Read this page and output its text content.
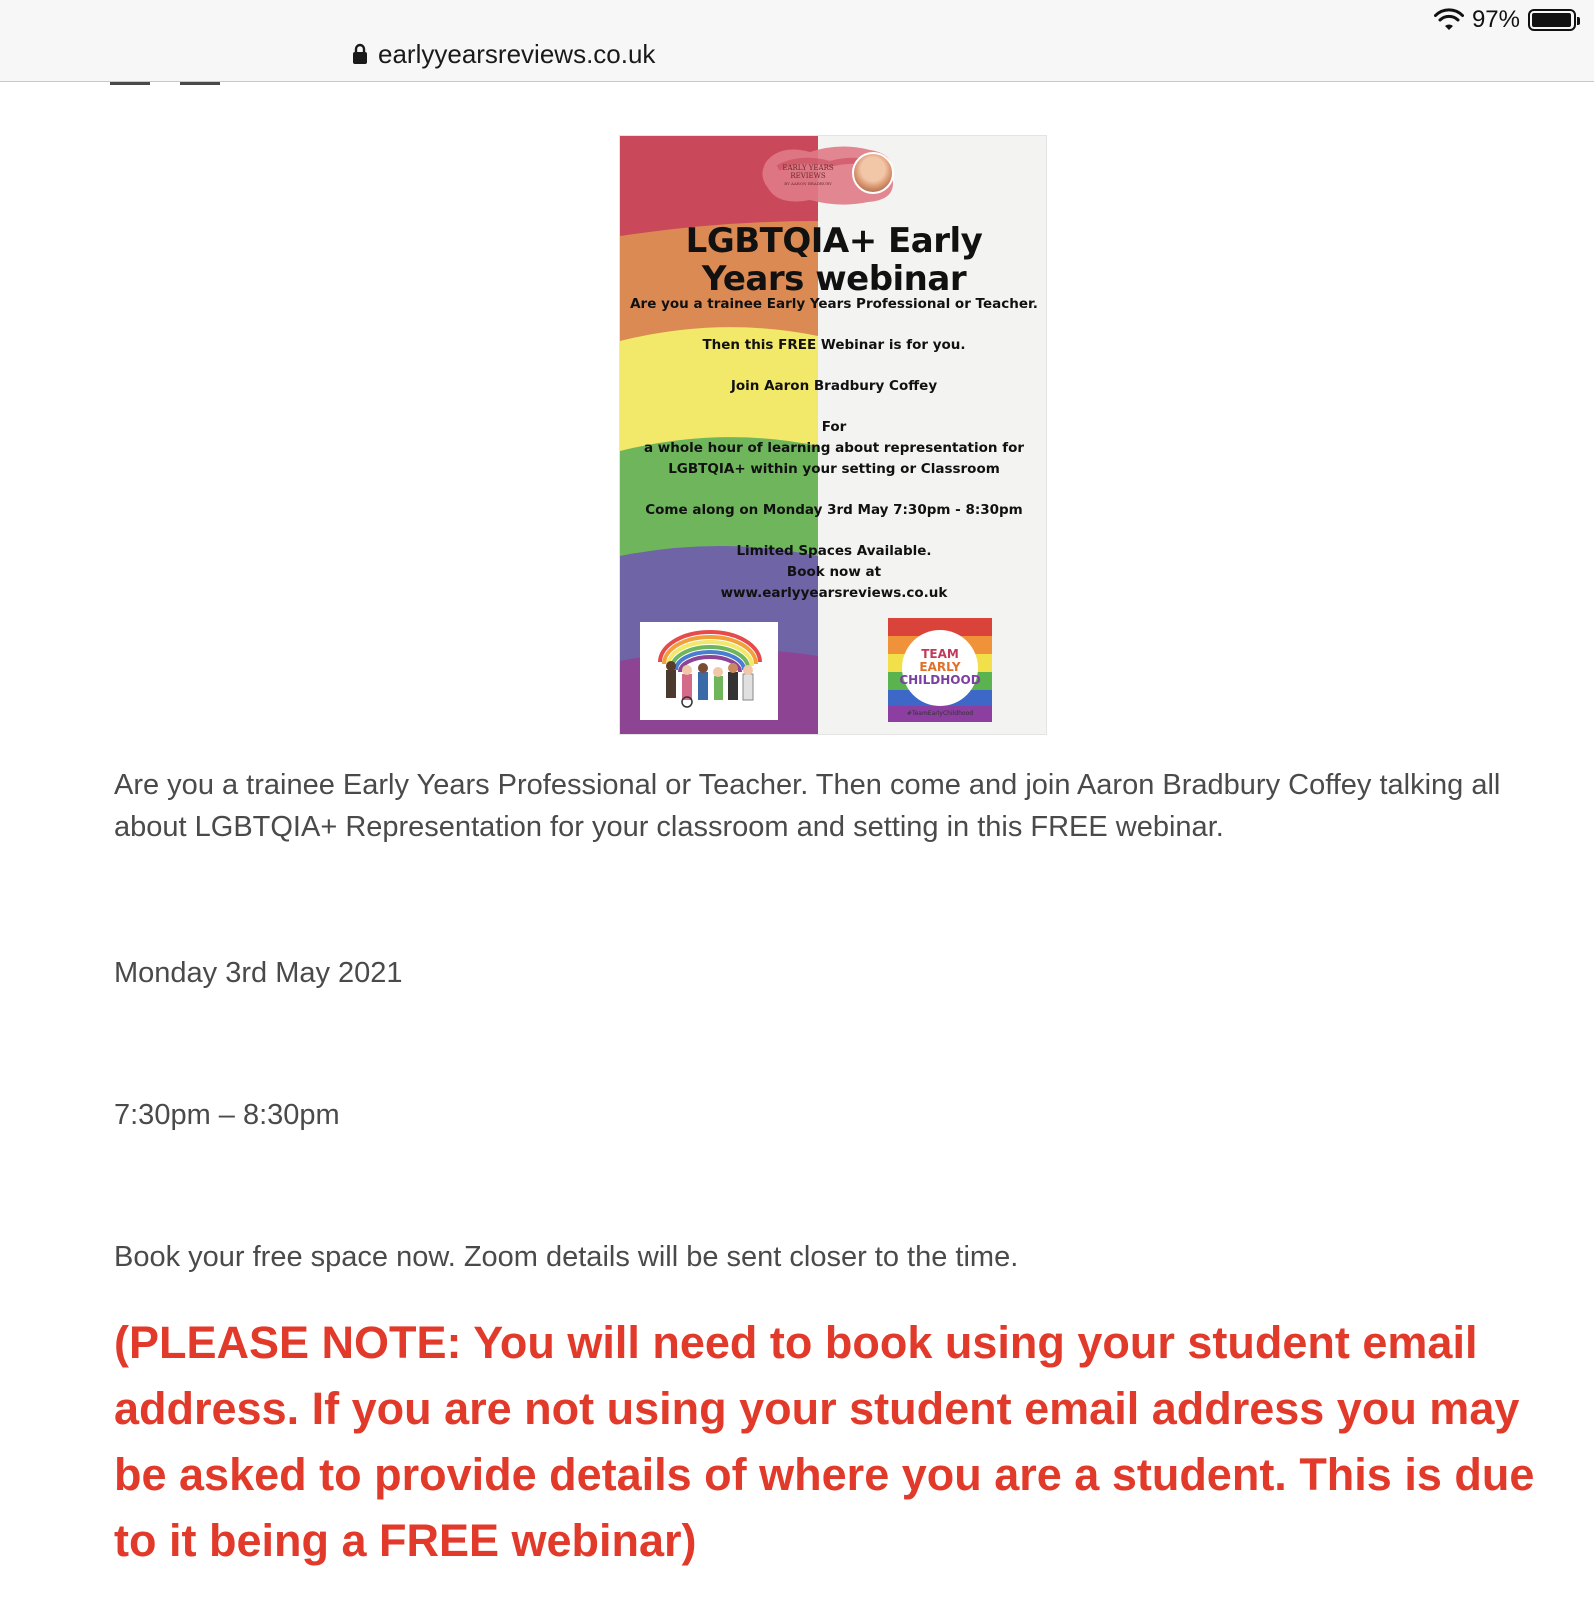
97%
earlyyearsreviews.co.uk
EARLY YEARS REVIEWS
BY AARON BRADBURY
LGBTQIA+ Early
Years webinar
Are you a trainee Early Years Professional or Teacher.
Then this FREE Webinar is for you.
Join Aaron Bradbury Coffey
For
a whole hour of learning about representation for
LGBTQIA+ within your setting or Classroom
Come along on Monday 3rd May 7:30pm - 8:30pm
Limited Spaces Available.
Book now at
www.earlyyearsreviews.co.uk
TEAM
EARLY
CHILDHOOD
#TeamEarlyChildhood
Are you a trainee Early Years Professional or Teacher. Then come and join Aaron Bradbury Coffey talking all about LGBTQIA+ Representation for your classroom and setting in this FREE webinar.
Monday 3rd May 2021
7:30pm – 8:30pm
Book your free space now. Zoom details will be sent closer to the time.
(PLEASE NOTE: You will need to book using your student email address. If you are not using your student email address you may be asked to provide details of where you are a student. This is due to it being a FREE webinar)
